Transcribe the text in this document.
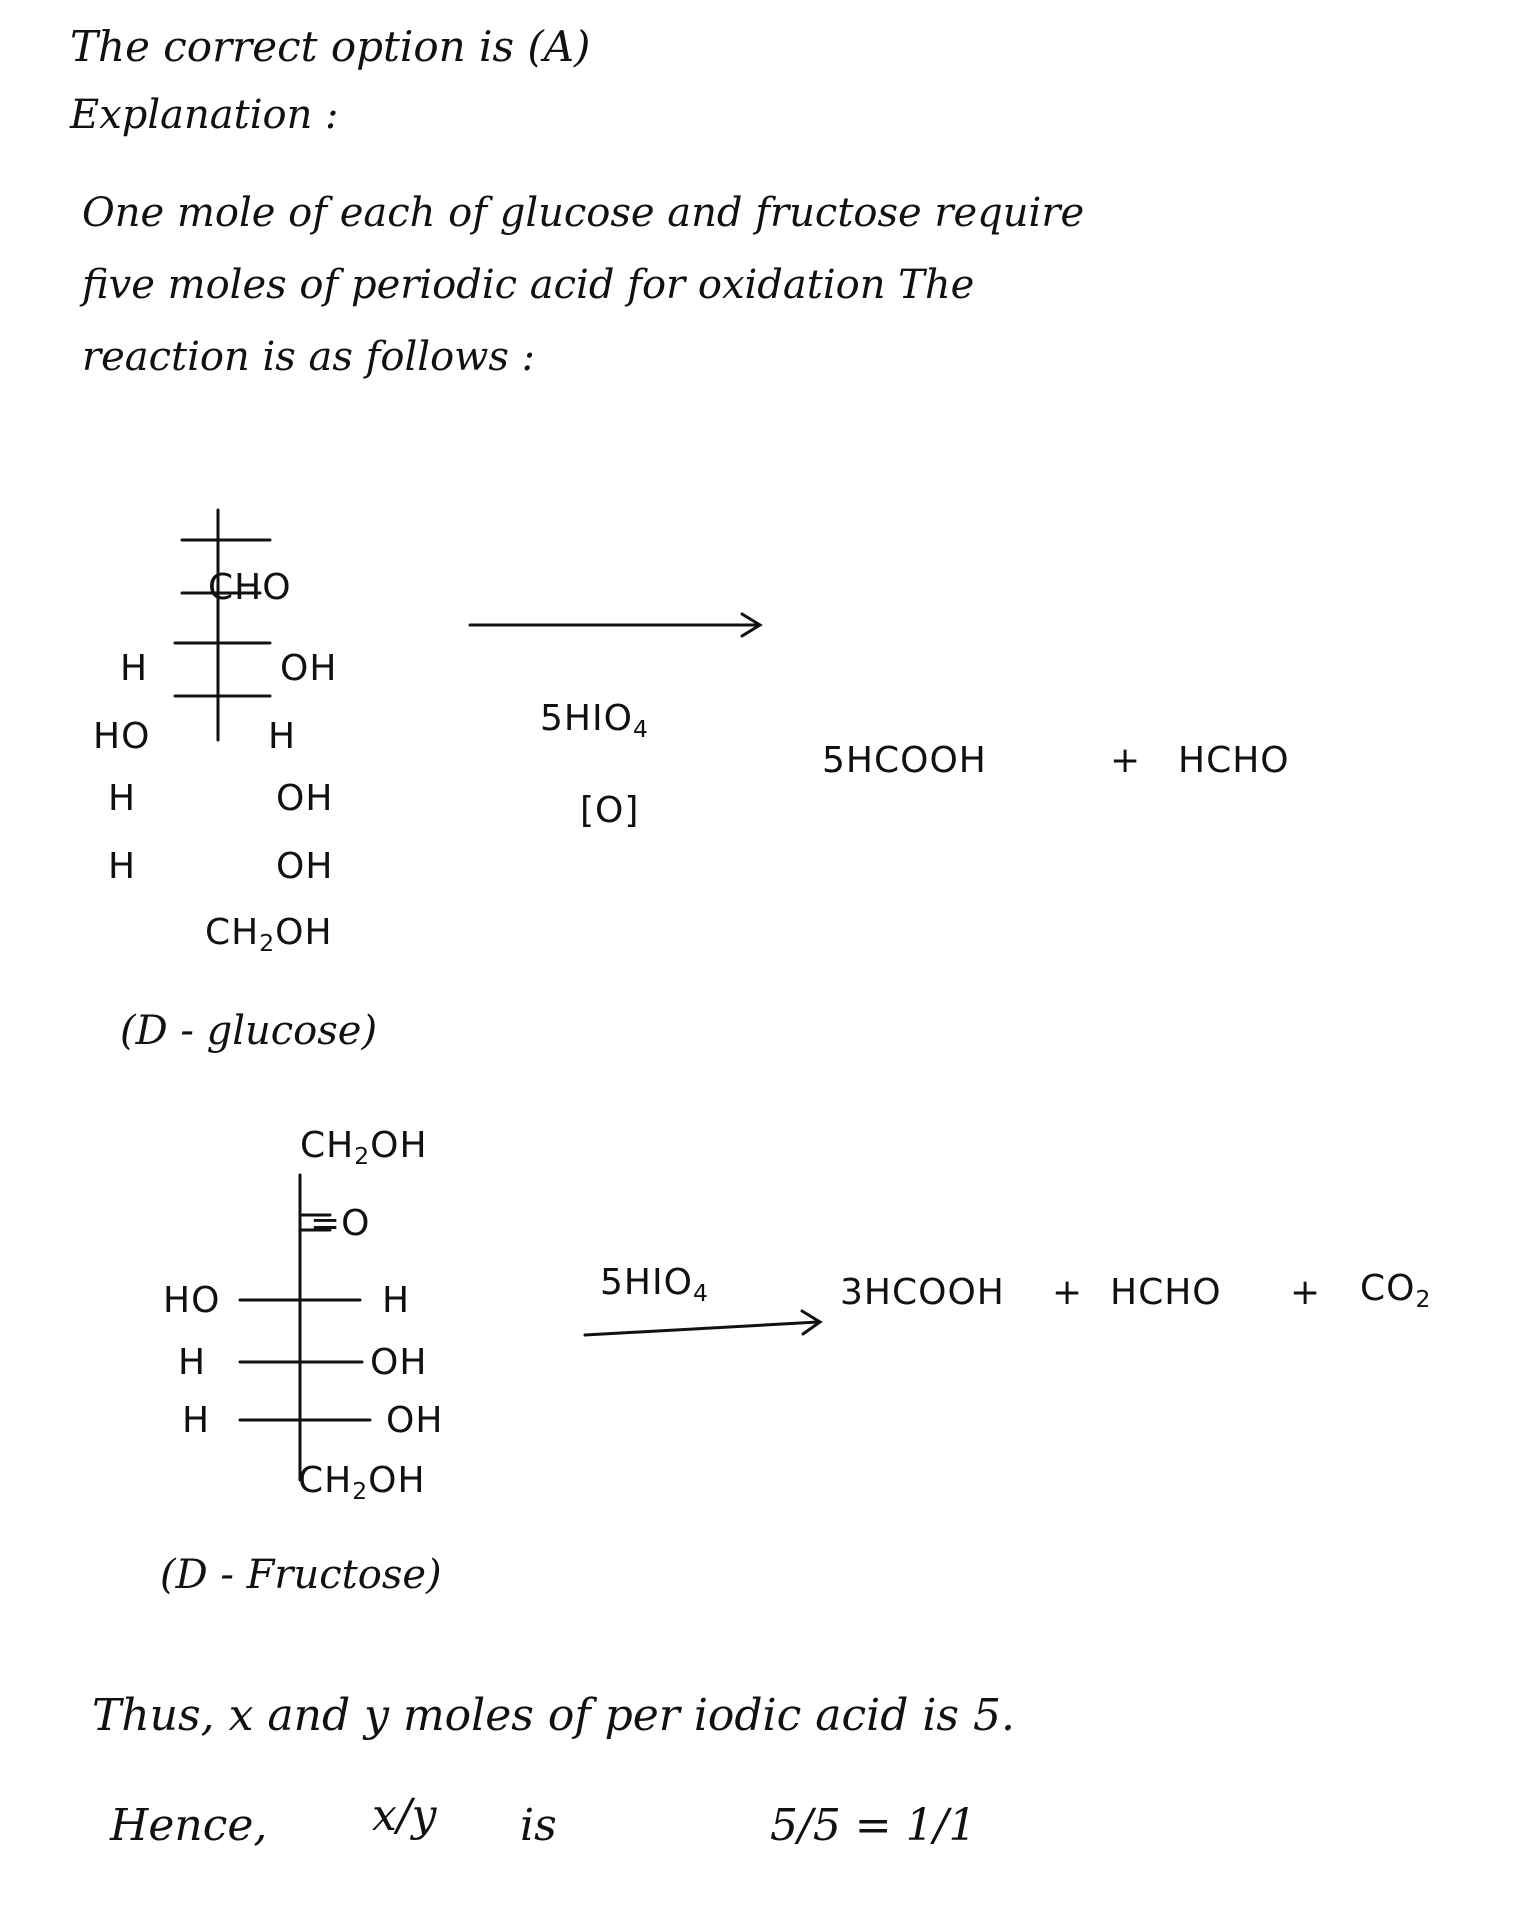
The correct option is (A)
Explanation :
One mole of each of glucose and fructose require
five moles of periodic acid for oxidation The
reaction is as follows :
CHO
H	OH
HO	H
H	OH
H	OH
$CH_2OH$
(D - glucose)
$5HIO_4$
[O]
5HCOOH	+ HCHO
$CH_2OH$
=O
HO	H
H	OH
H	OH
$CH_2OH$
(D - Fructose)
$5HIO_4$	3HCOOH + HCHO + $CO_2$
Thus, x and y moles of per iodic acid is 5.
Hence, x/y is	5/5 = 1/1
